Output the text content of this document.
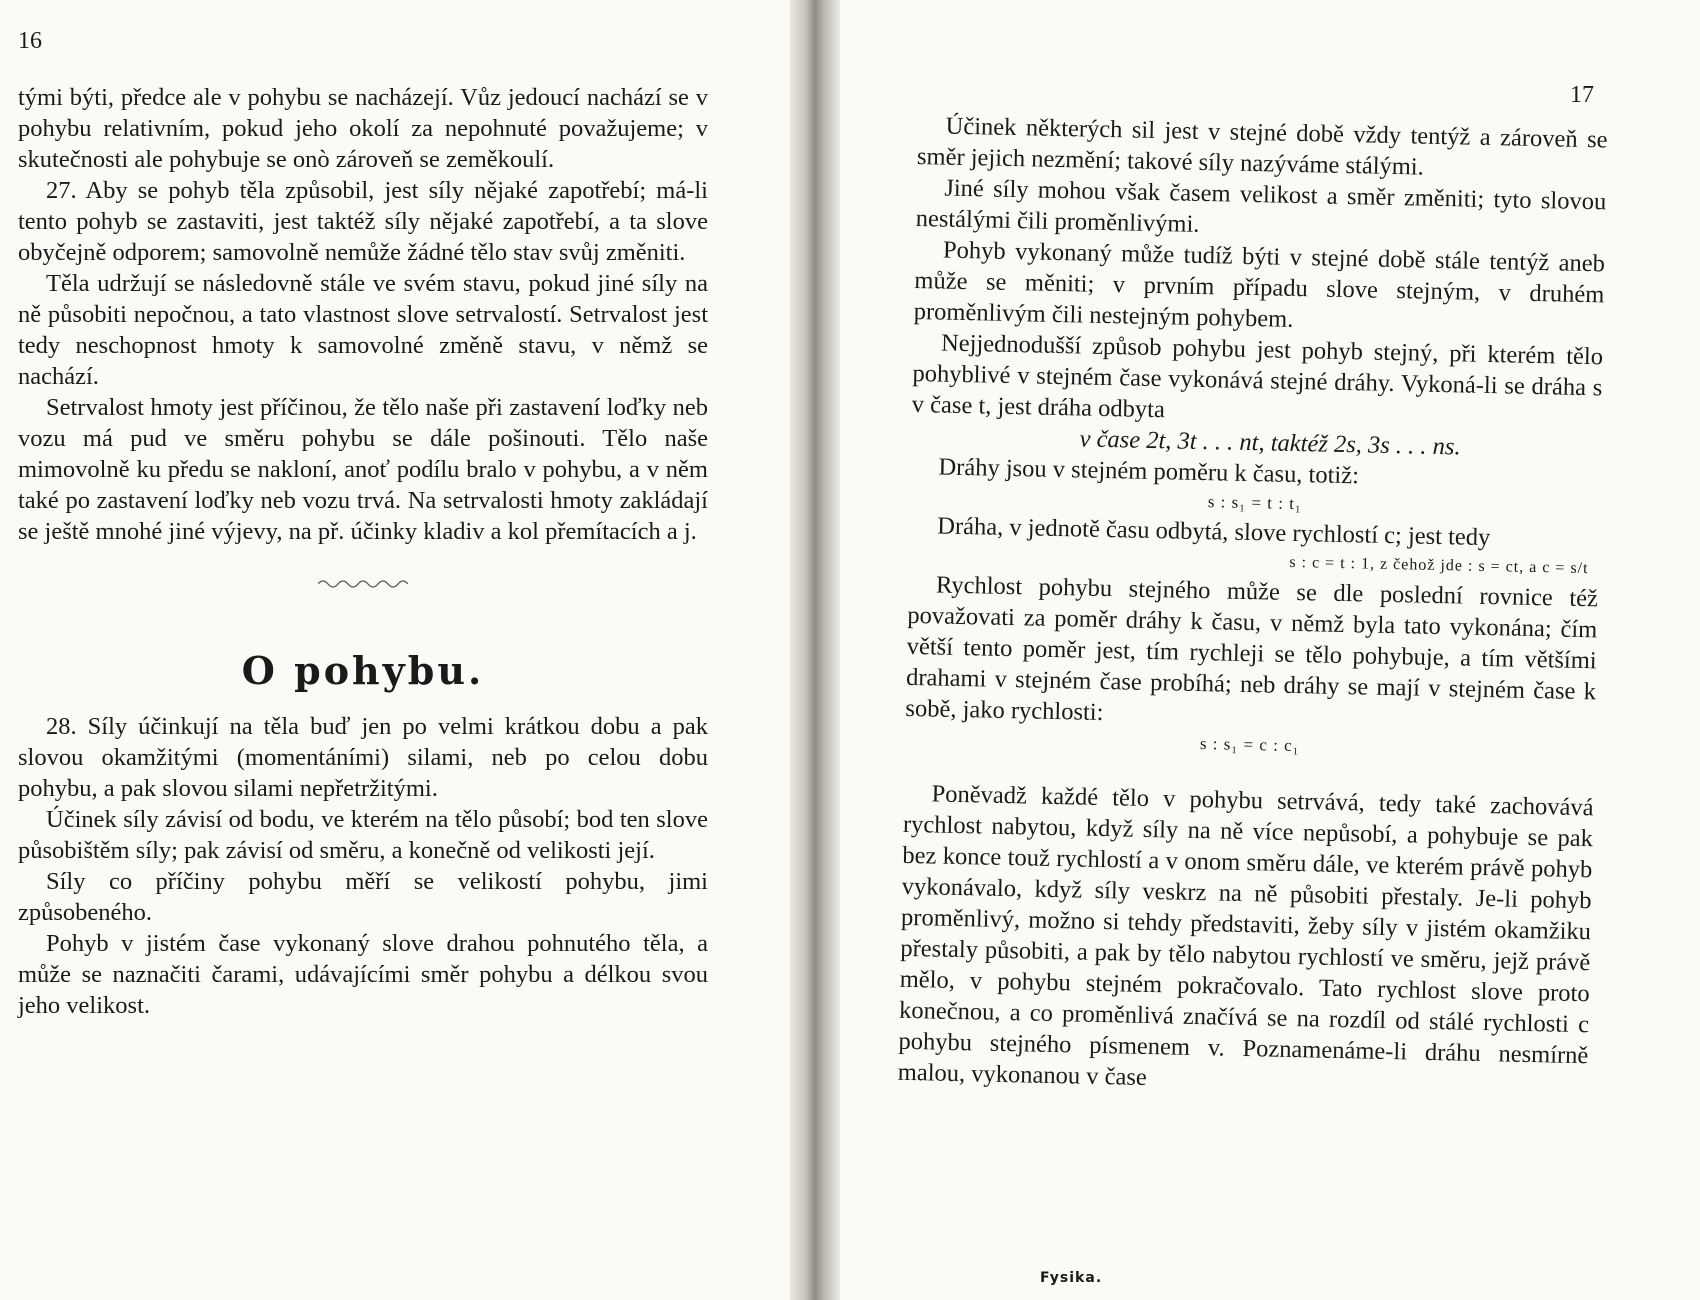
16

tými býti, předce ale v pohybu se nacházejí. Vůz jedoucí nachází se v pohybu relativním, pokud jeho okolí za nepohnuté považujeme; v skutečnosti ale pohybuje se onò zároveň se zeměkoulí.

27. Aby se pohyb těla způsobil, jest síly nějaké zapotřebí; má-li tento pohyb se zastaviti, jest taktéž síly nějaké zapotřebí, a ta slove obyčejně odporem; samovolně nemůže žádné tělo stav svůj změniti.

Těla udržují se následovně stále ve svém stavu, pokud jiné síly na ně působiti nepočnou, a tato vlastnost slove setrvalostí. Setrvalost jest tedy neschopnost hmoty k samovolné změně stavu, v němž se nachází.

Setrvalost hmoty jest příčinou, že tělo naše při zastavení loďky neb vozu má pud ve směru pohybu se dále pošinouti. Tělo naše mimovolně ku předu se nakloní, anoť podílu bralo v pohybu, a v něm také po zastavení loďky neb vozu trvá. Na setrvalosti hmoty zakládají se ještě mnohé jiné výjevy, na př. účinky kladiv a kol přemítacích a j.

O pohybu.

28. Síly účinkují na těla buď jen po velmi krátkou dobu a pak slovou okamžitými (momentáními) silami, neb po celou dobu pohybu, a pak slovou silami nepřetržitými.

Účinek síly závisí od bodu, ve kterém na tělo působí; bod ten slove působištěm síly; pak závisí od směru, a konečně od velikosti její.

Síly co příčiny pohybu měří se velikostí pohybu, jimi způsobeného.

Pohyb v jistém čase vykonaný slove drahou pohnutého těla, a může se naznačiti čarami, udávajícími směr pohybu a délkou svou jeho velikost.

17

Účinek některých sil jest v stejné době vždy tentýž a zároveň se směr jejich nezmění; takové síly nazýváme stálými.

Jiné síly mohou však časem velikost a směr změniti; tyto slovou nestálými čili proměnlivými.

Pohyb vykonaný může tudíž býti v stejné době stále tentýž aneb může se měniti; v prvním případu slove stejným, v druhém proměnlivým čili nestejným pohybem.

Nejjednodušší způsob pohybu jest pohyb stejný, při kterém tělo pohyblivé v stejném čase vykonává stejné dráhy. Vykoná-li se dráha s v čase t, jest dráha odbyta

v čase 2t, 3t . . . nt, taktéž 2s, 3s . . . ns.

Dráhy jsou v stejném poměru k času, totiž:

s : s₁ = t : t₁

Dráha, v jednotě času odbytá, slove rychlostí c; jest tedy

s : c = t : 1, z čehož jde : s = ct, a c = s/t

Rychlost pohybu stejného může se dle poslední rovnice též považovati za poměr dráhy k času, v němž byla tato vykonána; čím větší tento poměr jest, tím rychleji se tělo pohybuje, a tím většími drahami v stejném čase probíhá; neb dráhy se mají v stejném čase k sobě, jako rychlosti:

s : s₁ = c : c₁

Poněvadž každé tělo v pohybu setrvává, tedy také zachovává rychlost nabytou, když síly na ně více nepůsobí, a pohybuje se pak bez konce touž rychlostí a v onom směru dále, ve kterém právě pohyb vykonávalo, když síly veskrz na ně působiti přestaly. Je-li pohyb proměnlivý, možno si tehdy představiti, žeby síly v jistém okamžiku přestaly působiti, a pak by tělo nabytou rychlostí ve směru, jejž právě mělo, v pohybu stejném pokračovalo. Tato rychlost slove proto konečnou, a co proměnlivá značívá se na rozdíl od stálé rychlosti c pohybu stejného písmenem v. Poznamenáme-li dráhu nesmírně malou, vykonanou v čase

Fysika.
